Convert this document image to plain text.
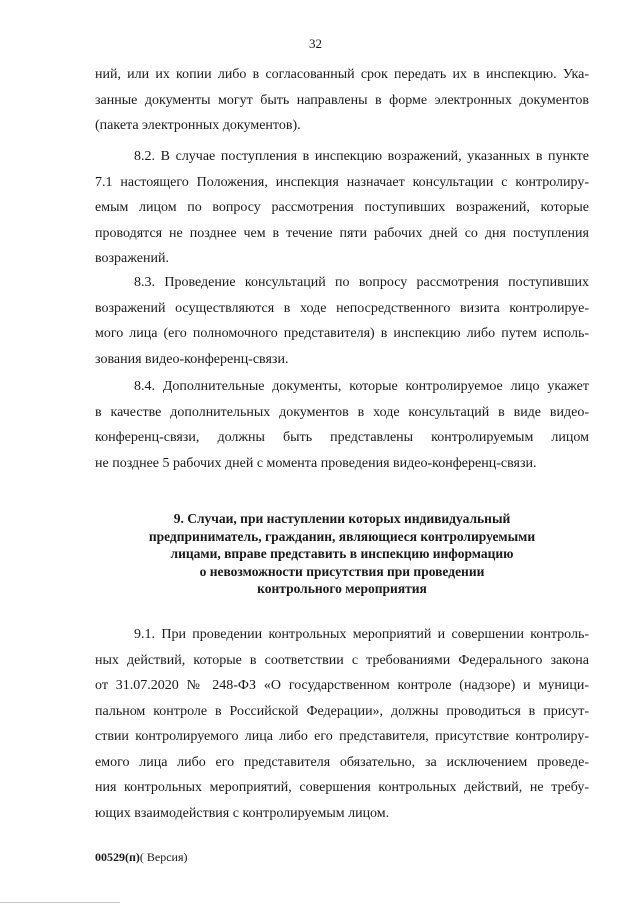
32
ний, или их копии либо в согласованный срок передать их в инспекцию. Ука-
занные документы могут быть направлены в форме электронных документов
(пакета электронных документов).
8.2. В случае поступления в инспекцию возражений, указанных в пункте
7.1 настоящего Положения, инспекция назначает консультации с контролиру-
емым лицом по вопросу рассмотрения поступивших возражений, которые
проводятся не позднее чем в течение пяти рабочих дней со дня поступления
возражений.
8.3. Проведение консультаций по вопросу рассмотрения поступивших
возражений осуществляются в ходе непосредственного визита контролируе-
мого лица (его полномочного представителя) в инспекцию либо путем исполь-
зования видео-конференц-связи.
8.4. Дополнительные документы, которые контролируемое лицо укажет
в качестве дополнительных документов в ходе консультаций в виде видео-
конференц-связи, должны быть представлены контролируемым лицом
не позднее 5 рабочих дней с момента проведения видео-конференц-связи.
9. Случаи, при наступлении которых индивидуальный
предприниматель, гражданин, являющиеся контролируемыми
лицами, вправе представить в инспекцию информацию
о невозможности присутствия при проведении
контрольного мероприятия
9.1. При проведении контрольных мероприятий и совершении контроль-
ных действий, которые в соответствии с требованиями Федерального закона
от 31.07.2020 № 248-ФЗ «О государственном контроле (надзоре) и муници-
пальном контроле в Российской Федерации», должны проводиться в присут-
ствии контролируемого лица либо его представителя, присутствие контролиру-
емого лица либо его представителя обязательно, за исключением проведе-
ния контрольных мероприятий, совершения контрольных действий, не требу-
ющих взаимодействия с контролируемым лицом.
00529(п)( Версия)
